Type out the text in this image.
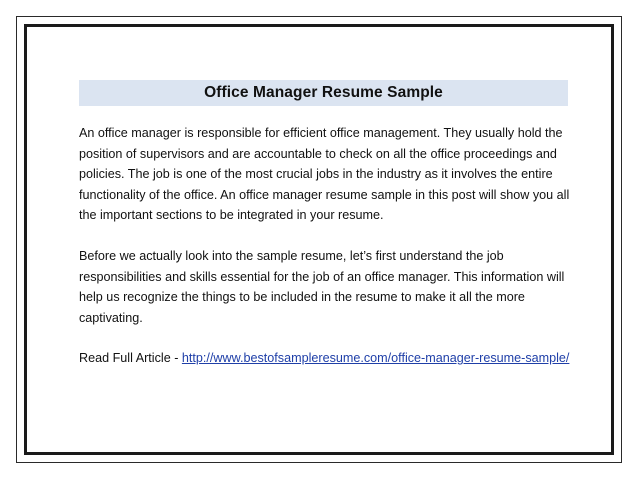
Office Manager Resume Sample

An office manager is responsible for efficient office management. They usually hold the position of supervisors and are accountable to check on all the office proceedings and policies. The job is one of the most crucial jobs in the industry as it involves the entire functionality of the office. An office manager resume sample in this post will show you all the important sections to be integrated in your resume.

Before we actually look into the sample resume, let’s first understand the job responsibilities and skills essential for the job of an office manager. This information will help us recognize the things to be included in the resume to make it all the more captivating.

Read Full Article - http://www.bestofsampleresume.com/office-manager-resume-sample/
